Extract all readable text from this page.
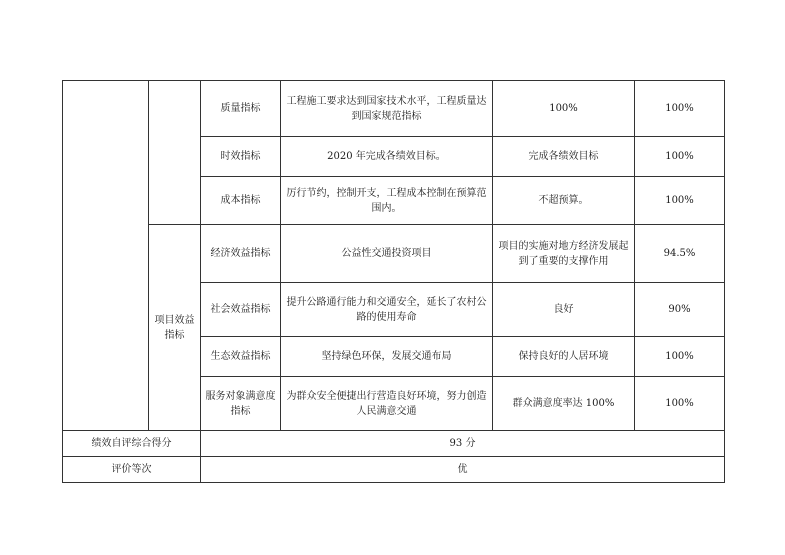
		质量指标	工程施工要求达到国家技术水平，工程质量达到国家规范指标	100%	100%
		时效指标	2020 年完成各绩效目标。	完成各绩效目标	100%
		成本指标	厉行节约，控制开支，工程成本控制在预算范围内。	不超预算。	100%
	项目效益指标	经济效益指标	公益性交通投资项目	项目的实施对地方经济发展起到了重要的支撑作用	94.5%
		社会效益指标	提升公路通行能力和交通安全，延长了农村公路的使用寿命	良好	90%
		生态效益指标	坚持绿色环保，发展交通布局	保持良好的人居环境	100%
		服务对象满意度指标	为群众安全便捷出行营造良好环境，努力创造人民满意交通	群众满意度率达 100%	100%
绩效自评综合得分		93 分			
评价等次		优			
